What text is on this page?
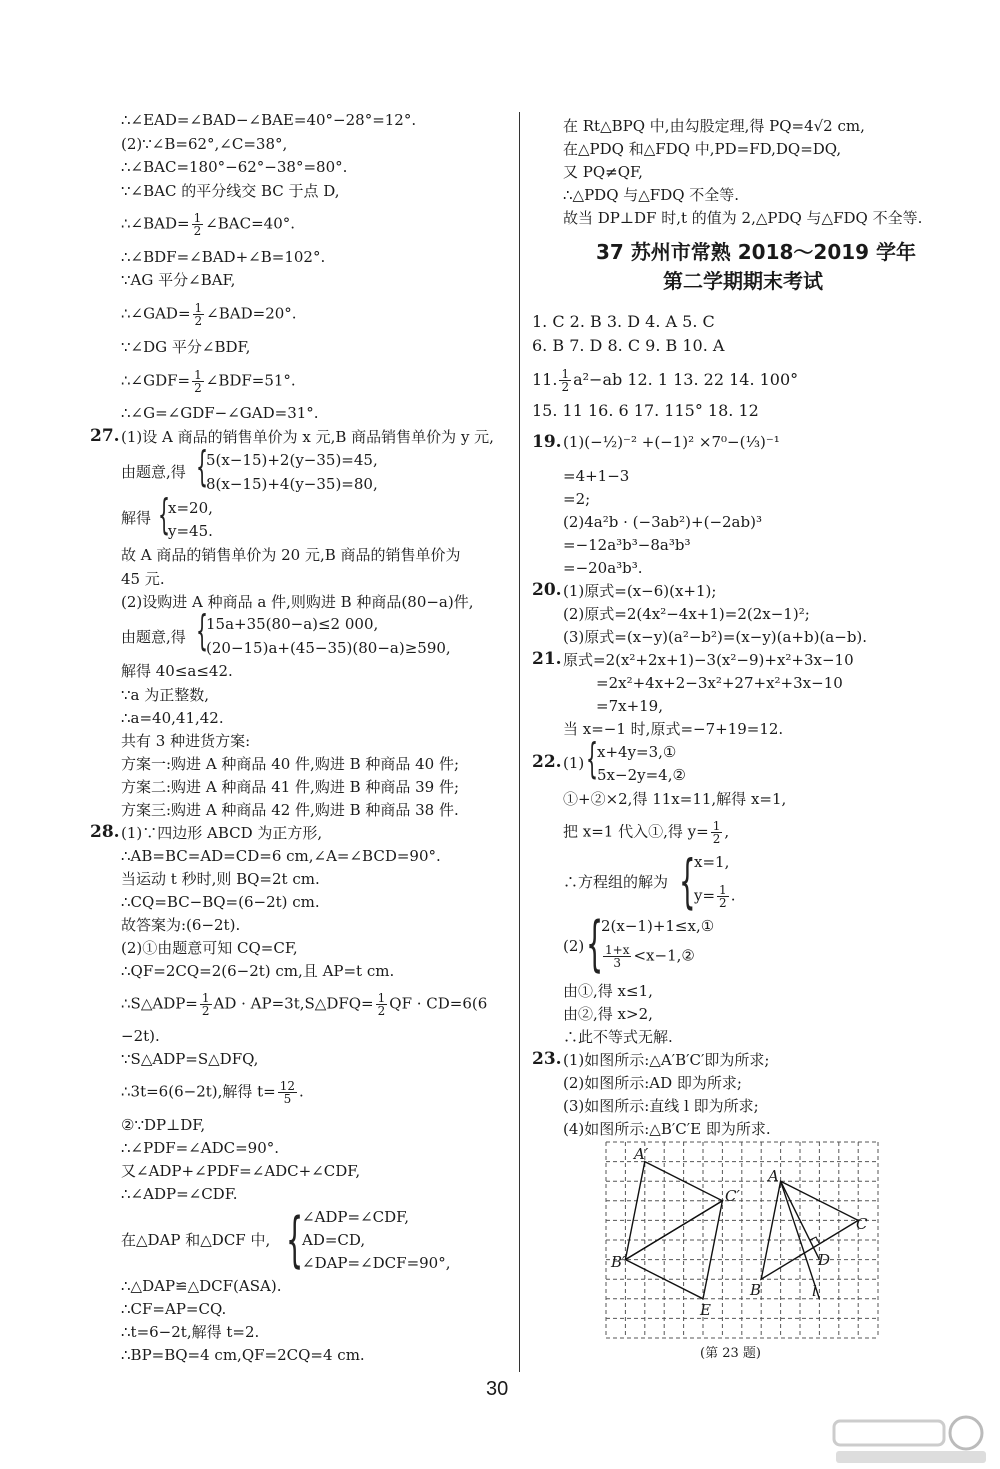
∴∠EAD=∠BAD−∠BAE=40°−28°=12°.
(2)∵∠B=62°,∠C=38°,
∴∠BAC=180°−62°−38°=80°.
∵∠BAC 的平分线交 BC 于点 D,
∴∠BAD= $\frac{1}{2}$ ∠BAC=40°.
∴∠BDF=∠BAD+∠B=102°.
∵AG 平分∠BAF,
∴∠GAD= $\frac{1}{2}$ ∠BAD=20°.
∵∠DG 平分∠BDF,
∴∠GDF= $\frac{1}{2}$ ∠BDF=51°.
∴∠G=∠GDF−∠GAD=31°.
27. (1)设 A 商品的销售单价为 x 元,B 商品销售单价为 y 元,
由题意,得 {
5(x−15)+2(y−35)=45,
8(x−15)+4(y−35)=80,
解得 {
x=20,
y=45.
故 A 商品的销售单价为 20 元,B 商品的销售单价为
45 元.
(2)设购进 A 种商品 a 件,则购进 B 种商品(80−a)件,
由题意,得 {
15a+35(80−a)≤2 000,
(20−15)a+(45−35)(80−a)≥590,
解得 40≤a≤42.
∵a 为正整数,
∴a=40,41,42.
共有 3 种进货方案:
方案一:购进 A 种商品 40 件,购进 B 种商品 40 件;
方案二:购进 A 种商品 41 件,购进 B 种商品 39 件;
方案三:购进 A 种商品 42 件,购进 B 种商品 38 件.
28. (1)∵四边形 ABCD 为正方形,
∴AB=BC=AD=CD=6 cm,∠A=∠BCD=90°.
当运动 t 秒时,则 BQ=2t cm.
∴CQ=BC−BQ=(6−2t) cm.
故答案为:(6−2t).
(2)①由题意可知 CQ=CF,
∴QF=2CQ=2(6−2t) cm,且 AP=t cm.
∴S△ADP= $\frac{1}{2}$ AD · AP=3t,S△DFQ= $\frac{1}{2}$ QF · CD=6(6
−2t).
∵S△ADP=S△DFQ,
∴3t=6(6−2t),解得 $t= \frac{12}{5}$ .
②∵DP⊥DF,
∴∠PDF=∠ADC=90°.
又∠ADP+∠PDF=∠ADC+∠CDF,
∴∠ADP=∠CDF.
在△DAP 和△DCF 中, {
∠ADP=∠CDF,
AD=CD,
∠DAP=∠DCF=90°,
∴△DAP≌△DCF(ASA).
∴CF=AP=CQ.
∴t=6−2t,解得 t=2.
∴BP=BQ=4 cm,QF=2CQ=4 cm.
在 Rt△BPQ 中,由勾股定理,得 PQ=4√2 cm,
在△PDQ 和△FDQ 中,PD=FD,DQ=DQ,
又 PQ≠QF,
∴△PDQ 与△FDQ 不全等.
故当 DP⊥DF 时,t 的值为 2,△PDQ 与△FDQ 不全等.
37 苏州市常熟 2018～2019 学年
第二学期期末考试
1. C 2. B 3. D 4. A 5. C
6. B 7. D 8. C 9. B 10. A
11. $\frac{1}{2} a^2-ab$ 12. 1 13. 22 14. 100°
15. 11 16. 6 17. 115° 18. 12
19. (1)(−½)⁻² +(−1)² ×7⁰−(⅓)⁻¹
=4+1−3
=2;
(2)4a²b · (−3ab²)+(−2ab)³
=−12a³b³−8a³b³
=−20a³b³.
20. (1)原式=(x−6)(x+1);
(2)原式=2(4x²−4x+1)=2(2x−1)²;
(3)原式=(x−y)(a²−b²)=(x−y)(a+b)(a−b).
21. 原式=2(x²+2x+1)−3(x²−9)+x²+3x−10
=2x²+4x+2−3x²+27+x²+3x−10
=7x+19,
当 x=−1 时,原式=−7+19=12.
22. (1) {
x+4y=3,①
5x−2y=4,②
①+②×2,得 11x=11,解得 x=1,
把 x=1 代入①,得 $y= \frac{1}{2}$ ,
∴方程组的解为 {
x=1,
$y= \frac{1}{2}$ .
(2) {
2(x−1)+1≤x,①
$\frac{1+x}{3}$ <x−1,②
由①,得 x≤1,
由②,得 x>2,
∴此不等式无解.
23. (1)如图所示:△A′B′C′即为所求;
(2)如图所示:AD 即为所求;
(3)如图所示:直线 l 即为所求;
(4)如图所示:△B′C′E 即为所求.
A′
C′
B′
E
A
C
D
B	l
(第 23 题)
30
